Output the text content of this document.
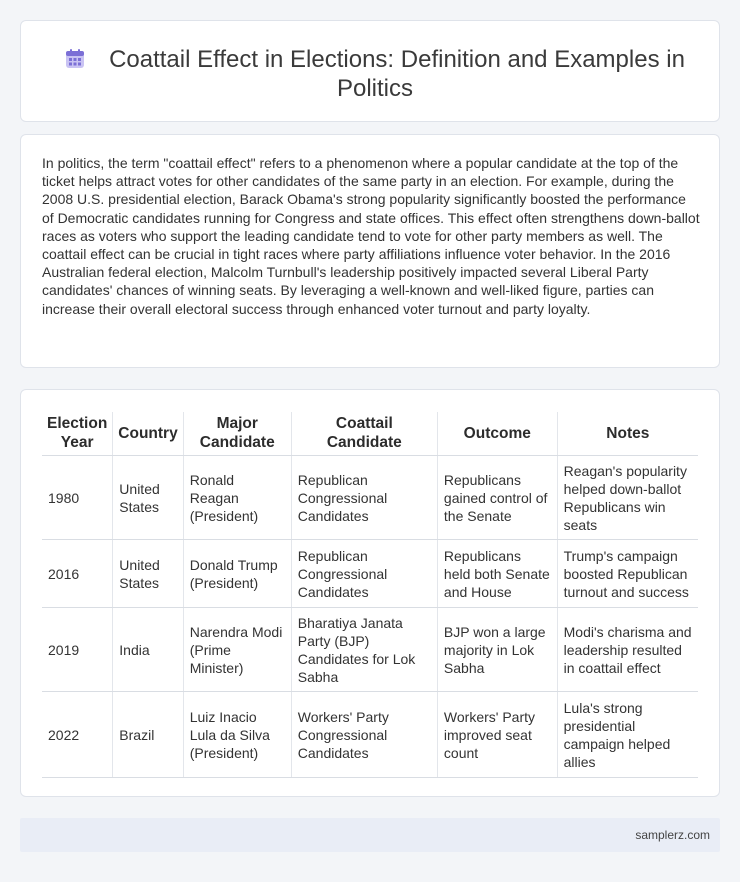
Coattail Effect in Elections: Definition and Examples in Politics

In politics, the term "coattail effect" refers to a phenomenon where a popular candidate at the top of the ticket helps attract votes for other candidates of the same party in an election. For example, during the 2008 U.S. presidential election, Barack Obama's strong popularity significantly boosted the performance of Democratic candidates running for Congress and state offices. This effect often strengthens down-ballot races as voters who support the leading candidate tend to vote for other party members as well. The coattail effect can be crucial in tight races where party affiliations influence voter behavior. In the 2016 Australian federal election, Malcolm Turnbull's leadership positively impacted several Liberal Party candidates' chances of winning seats. By leveraging a well-known and well-liked figure, parties can increase their overall electoral success through enhanced voter turnout and party loyalty.

Election Year	Country	Major Candidate	Coattail Candidate	Outcome	Notes
1980	United States	Ronald Reagan (President)	Republican Congressional Candidates	Republicans gained control of the Senate	Reagan's popularity helped down-ballot Republicans win seats
2016	United States	Donald Trump (President)	Republican Congressional Candidates	Republicans held both Senate and House	Trump's campaign boosted Republican turnout and success
2019	India	Narendra Modi (Prime Minister)	Bharatiya Janata Party (BJP) Candidates for Lok Sabha	BJP won a large majority in Lok Sabha	Modi's charisma and leadership resulted in coattail effect
2022	Brazil	Luiz Inacio Lula da Silva (President)	Workers' Party Congressional Candidates	Workers' Party improved seat count	Lula's strong presidential campaign helped allies
samplerz.com
